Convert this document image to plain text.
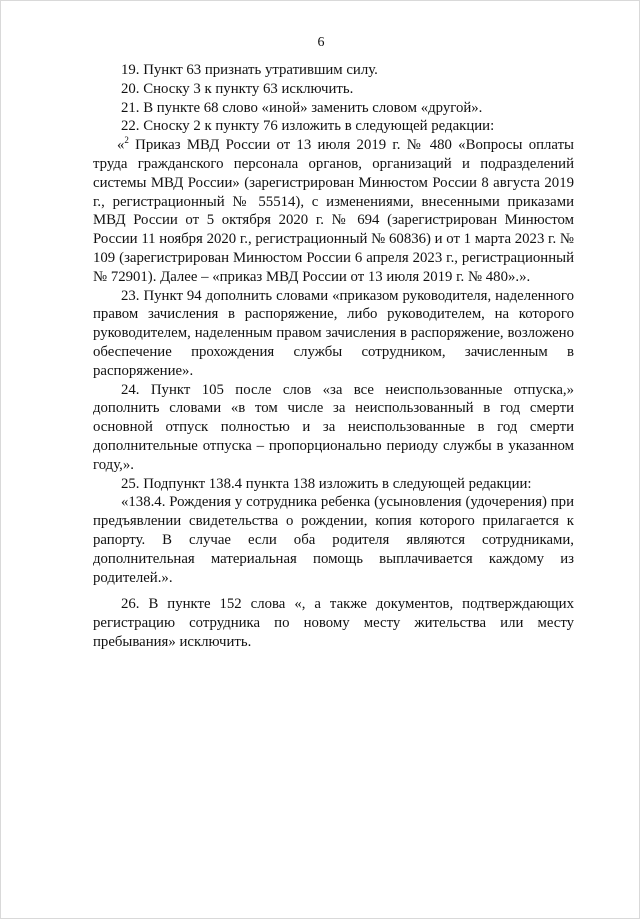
6

19. Пункт 63 признать утратившим силу.

20. Сноску 3 к пункту 63 исключить.

21. В пункте 68 слово «иной» заменить словом «другой».

22. Сноску 2 к пункту 76 изложить в следующей редакции:

«$^2$ Приказ МВД России от 13 июля 2019 г. № 480 «Вопросы оплаты труда гражданского персонала органов, организаций и подразделений системы МВД России» (зарегистрирован Минюстом России 8 августа 2019 г., регистрационный № 55514), с изменениями, внесенными приказами МВД России от 5 октября 2020 г. № 694 (зарегистрирован Минюстом России 11 ноября 2020 г., регистрационный № 60836) и от 1 марта 2023 г. № 109 (зарегистрирован Минюстом России 6 апреля 2023 г., регистрационный № 72901). Далее – «приказ МВД России от 13 июля 2019 г. № 480».».

23. Пункт 94 дополнить словами «приказом руководителя, наделенного правом зачисления в распоряжение, либо руководителем, на которого руководителем, наделенным правом зачисления в распоряжение, возложено обеспечение прохождения службы сотрудником, зачисленным в распоряжение».

24. Пункт 105 после слов «за все неиспользованные отпуска,» дополнить словами «в том числе за неиспользованный в год смерти основной отпуск полностью и за неиспользованные в год смерти дополнительные отпуска – пропорционально периоду службы в указанном году,».

25. Подпункт 138.4 пункта 138 изложить в следующей редакции:

«138.4. Рождения у сотрудника ребенка (усыновления (удочерения) при предъявлении свидетельства о рождении, копия которого прилагается к рапорту. В случае если оба родителя являются сотрудниками, дополнительная материальная помощь выплачивается каждому из родителей.».

26. В пункте 152 слова «, а также документов, подтверждающих регистрацию сотрудника по новому месту жительства или месту пребывания» исключить.
